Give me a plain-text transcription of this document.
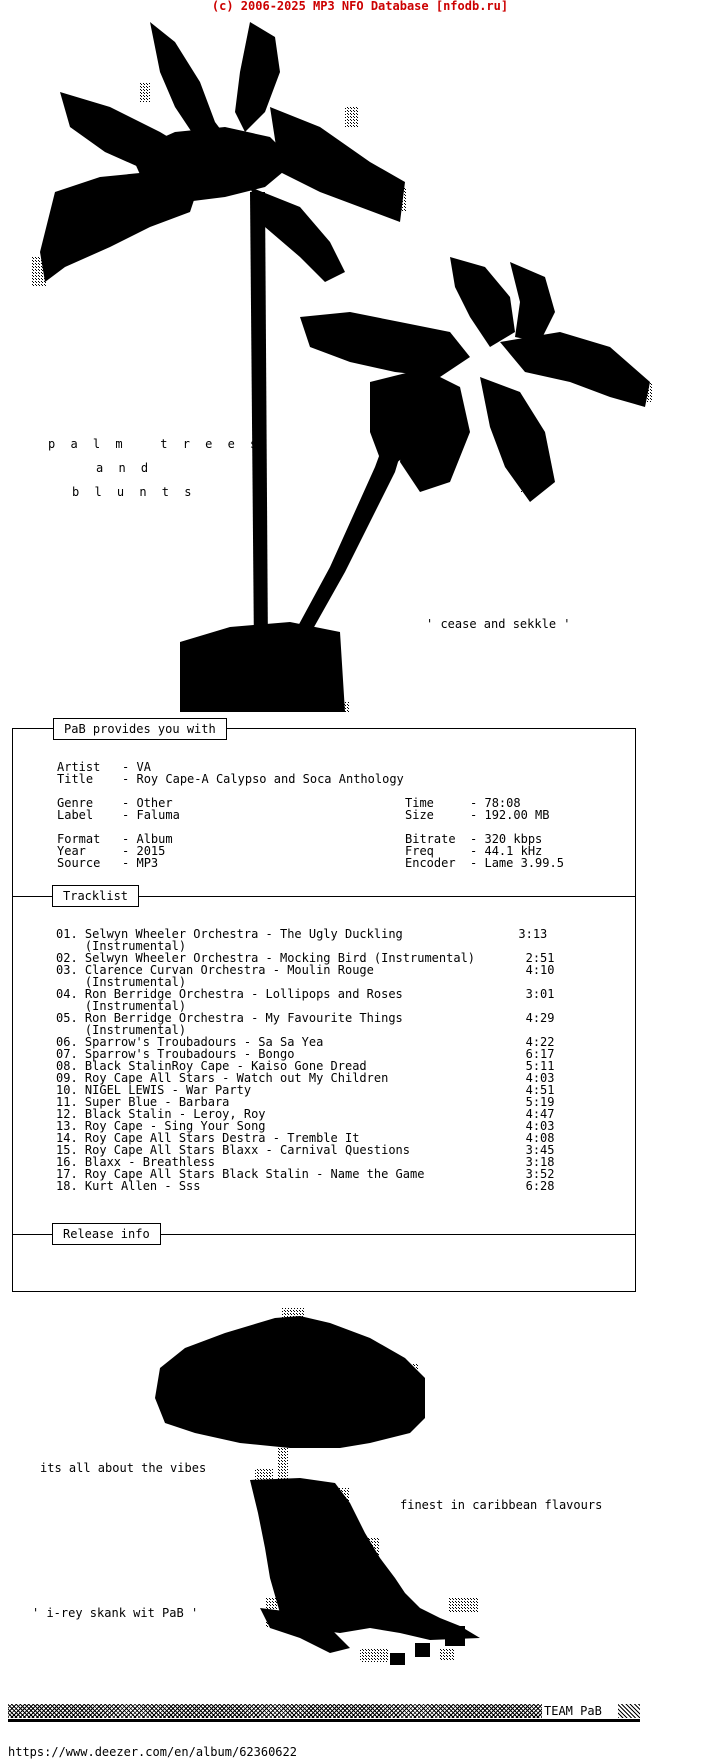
(c) 2006-2025 MP3 NFO Database [nfodb.ru]
p a l m   t r e e s
a n d
b l u n t s
' cease and sekkle '
PaB provides you with
Artist   - VA
Title    - Roy Cape-A Calypso and Soca Anthology
Genre    - Other
Label    - Faluma
Time     - 78:08
Size     - 192.00 MB
Format   - Album
Year     - 2015
Source   - MP3
Bitrate  - 320 kbps
Freq     - 44.1 kHz
Encoder  - Lame 3.99.5
Tracklist
01. Selwyn Wheeler Orchestra - The Ugly Duckling                3:13
(Instrumental)
02. Selwyn Wheeler Orchestra - Mocking Bird (Instrumental)       2:51
03. Clarence Curvan Orchestra - Moulin Rouge                     4:10
(Instrumental)
04. Ron Berridge Orchestra - Lollipops and Roses                 3:01
(Instrumental)
05. Ron Berridge Orchestra - My Favourite Things                 4:29
(Instrumental)
06. Sparrow's Troubadours - Sa Sa Yea                            4:22
07. Sparrow's Troubadours - Bongo                                6:17
08. Black StalinRoy Cape - Kaiso Gone Dread                      5:11
09. Roy Cape All Stars - Watch out My Children                   4:03
10. NIGEL LEWIS - War Party                                      4:51
11. Super Blue - Barbara                                         5:19
12. Black Stalin - Leroy, Roy                                    4:47
13. Roy Cape - Sing Your Song                                    4:03
14. Roy Cape All Stars Destra - Tremble It                       4:08
15. Roy Cape All Stars Blaxx - Carnival Questions                3:45
16. Blaxx - Breathless                                           3:18
17. Roy Cape All Stars Black Stalin - Name the Game              3:52
18. Kurt Allen - Sss                                             6:28
Release info
its all about the vibes
finest in caribbean flavours
' i-rey skank wit PaB '
TEAM PaB
https://www.deezer.com/en/album/62360622
